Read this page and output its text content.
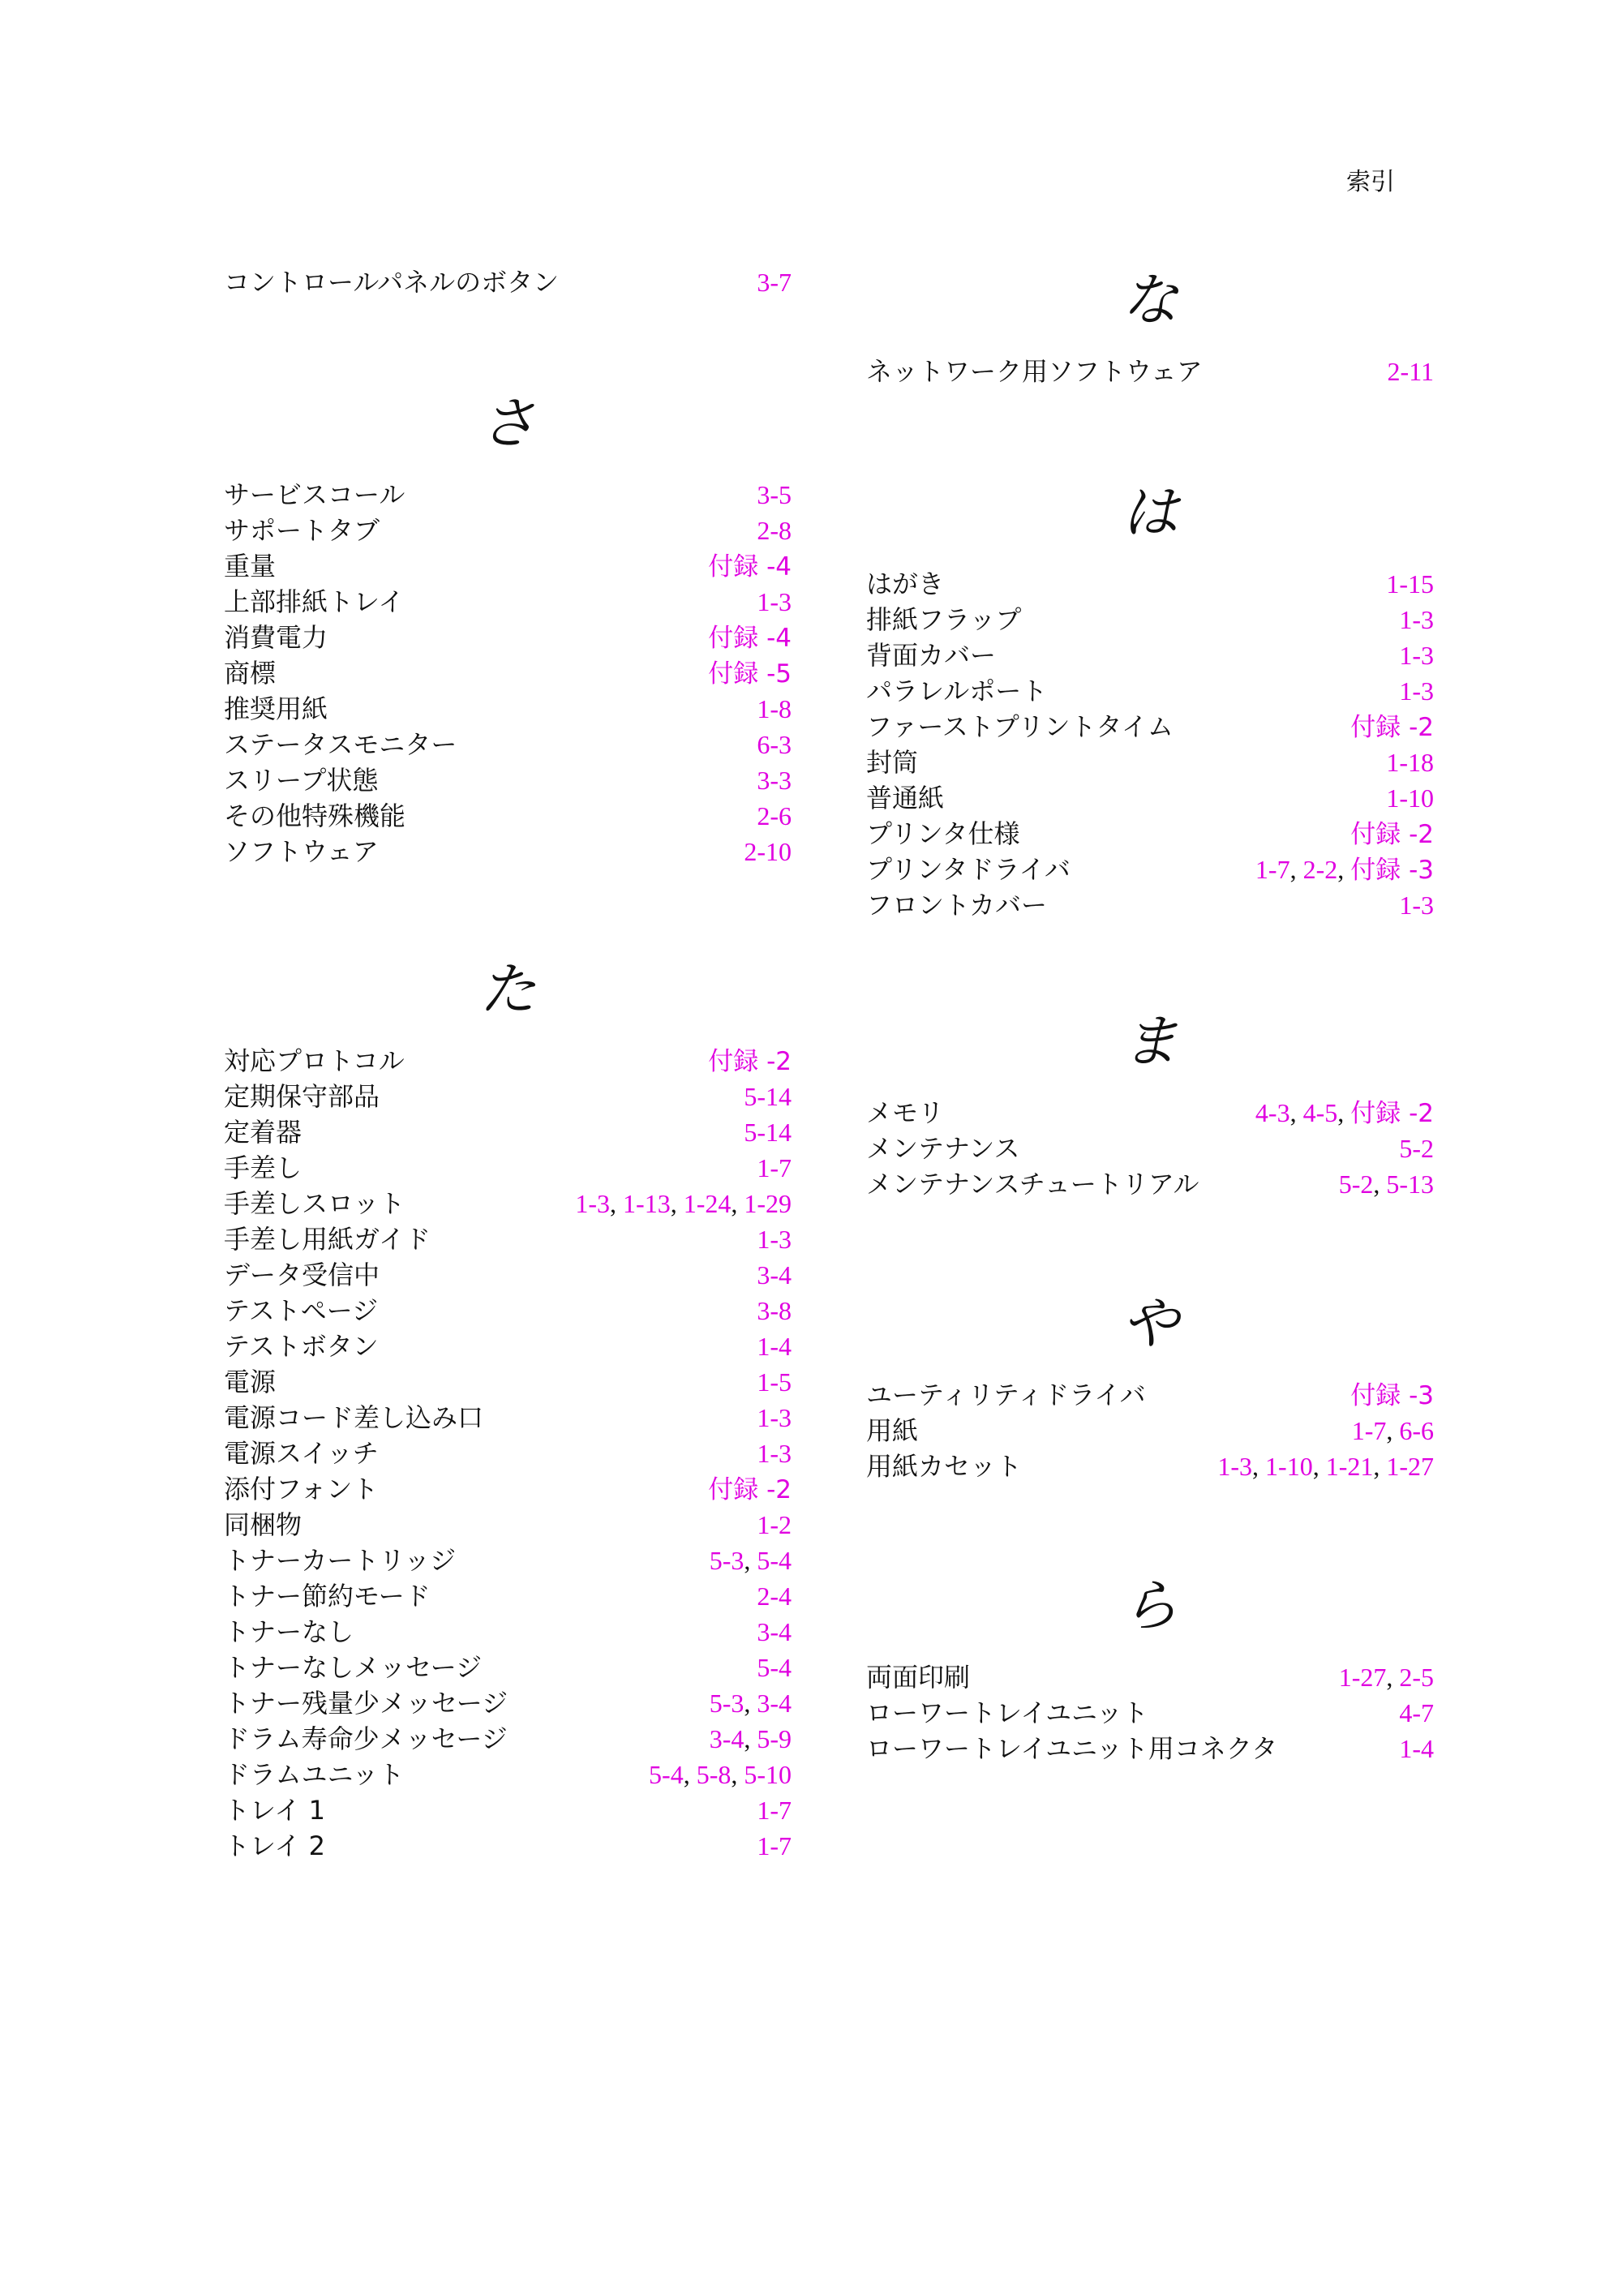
索引
コントロールパネルのボタン	3-7
さ
サービスコール	3-5
サポートタブ	2-8
重量	付録 -4
上部排紙トレイ	1-3
消費電力	付録 -4
商標	付録 -5
推奨用紙	1-8
ステータスモニター	6-3
スリープ状態	3-3
その他特殊機能	2-6
ソフトウェア	2-10
た
対応プロトコル	付録 -2
定期保守部品	5-14
定着器	5-14
手差し	1-7
手差しスロット	1-3, 1-13, 1-24, 1-29
手差し用紙ガイド	1-3
データ受信中	3-4
テストページ	3-8
テストボタン	1-4
電源	1-5
電源コード差し込み口	1-3
電源スイッチ	1-3
添付フォント	付録 -2
同梱物	1-2
トナーカートリッジ	5-3, 5-4
トナー節約モード	2-4
トナーなし	3-4
トナーなしメッセージ	5-4
トナー残量少メッセージ	5-3, 3-4
ドラム寿命少メッセージ	3-4, 5-9
ドラムユニット	5-4, 5-8, 5-10
トレイ 1	1-7
トレイ 2	1-7
な
ネットワーク用ソフトウェア	2-11
は
はがき	1-15
排紙フラップ	1-3
背面カバー	1-3
パラレルポート	1-3
ファーストプリントタイム	付録 -2
封筒	1-18
普通紙	1-10
プリンタ仕様	付録 -2
プリンタドライバ	1-7, 2-2, 付録 -3
フロントカバー	1-3
ま
メモリ	4-3, 4-5, 付録 -2
メンテナンス	5-2
メンテナンスチュートリアル	5-2, 5-13
や
ユーティリティドライバ	付録 -3
用紙	1-7, 6-6
用紙カセット	1-3, 1-10, 1-21, 1-27
ら
両面印刷	1-27, 2-5
ローワートレイユニット	4-7
ローワートレイユニット用コネクタ	1-4
